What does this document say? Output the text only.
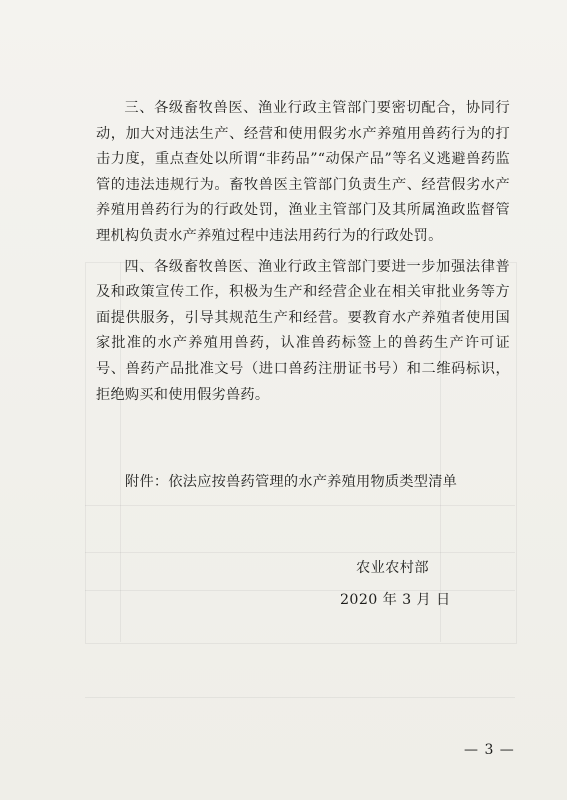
三、各级畜牧兽医、渔业行政主管部门要密切配合，协同行动，加大对违法生产、经营和使用假劣水产养殖用兽药行为的打击力度，重点查处以所谓“非药品”“动保产品”等名义逃避兽药监管的违法违规行为。畜牧兽医主管部门负责生产、经营假劣水产养殖用兽药行为的行政处罚，渔业主管部门及其所属渔政监督管理机构负责水产养殖过程中违法用药行为的行政处罚。

四、各级畜牧兽医、渔业行政主管部门要进一步加强法律普及和政策宣传工作，积极为生产和经营企业在相关审批业务等方面提供服务，引导其规范生产和经营。要教育水产养殖者使用国家批准的水产养殖用兽药，认准兽药标签上的兽药生产许可证号、兽药产品批准文号（进口兽药注册证书号）和二维码标识，拒绝购买和使用假劣兽药。

附件：依法应按兽药管理的水产养殖用物质类型清单
农业农村部
2020 年 3 月 日
— 3 —
